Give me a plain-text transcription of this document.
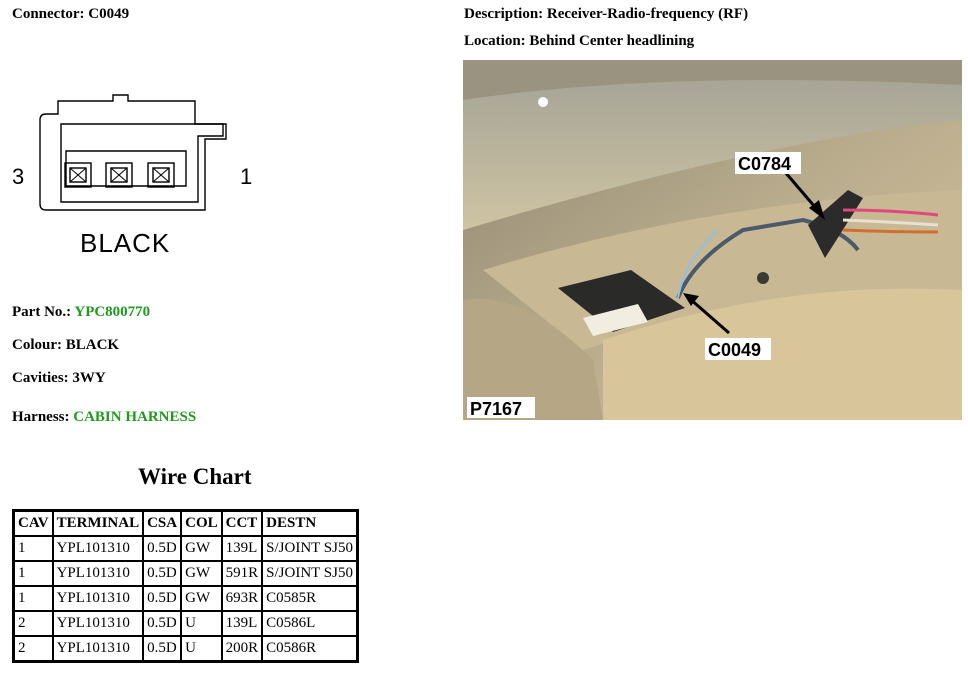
Connector: C0049	Description: Receiver-Radio-frequency (RF)
Location: Behind Center headlining
3	1
BLACK
Part No.: YPC800770
Colour: BLACK
Cavities: 3WY
Harness: CABIN HARNESS
C0784
C0049
P7167
Wire Chart
CAV	TERMINAL	CSA	COL	CCT	DESTN
1	YPL101310	0.5D	GW	139L	S/JOINT SJ50
1	YPL101310	0.5D	GW	591R	S/JOINT SJ50
1	YPL101310	0.5D	GW	693R	C0585R
2	YPL101310	0.5D	U	139L	C0586L
2	YPL101310	0.5D	U	200R	C0586R
